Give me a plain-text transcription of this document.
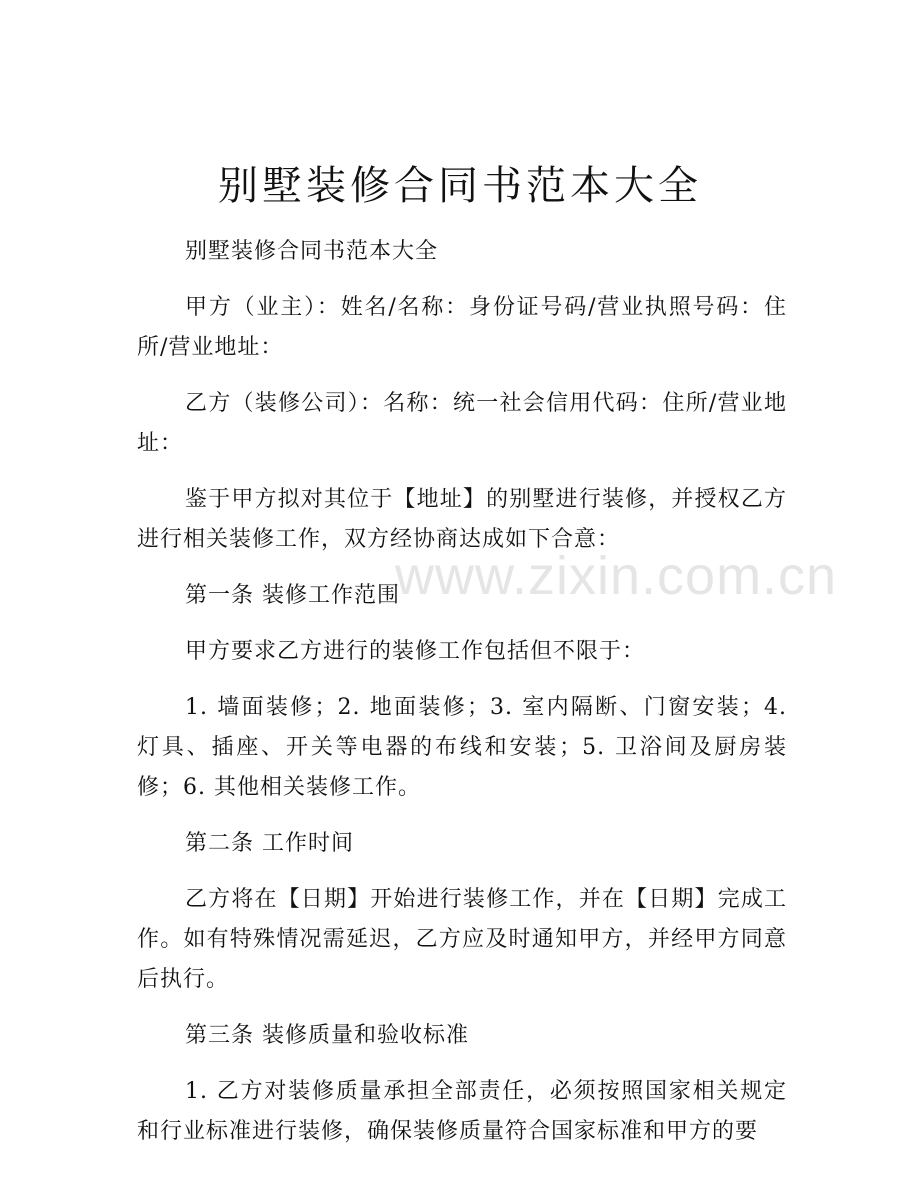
别墅装修合同书范本大全

别墅装修合同书范本大全

甲方（业主）：姓名/名称：身份证号码/营业执照号码：住所/营业地址：

乙方（装修公司）：名称：统一社会信用代码：住所/营业地址：

鉴于甲方拟对其位于【地址】的别墅进行装修，并授权乙方进行相关装修工作，双方经协商达成如下合意：

第一条 装修工作范围

甲方要求乙方进行的装修工作包括但不限于：

1. 墙面装修；2. 地面装修；3. 室内隔断、门窗安装；4. 灯具、插座、开关等电器的布线和安装；5. 卫浴间及厨房装修；6. 其他相关装修工作。

第二条 工作时间

乙方将在【日期】开始进行装修工作，并在【日期】完成工作。如有特殊情况需延迟，乙方应及时通知甲方，并经甲方同意后执行。

第三条 装修质量和验收标准

1. 乙方对装修质量承担全部责任，必须按照国家相关规定和行业标准进行装修，确保装修质量符合国家标准和甲方的要

www.zixin.com.cn
